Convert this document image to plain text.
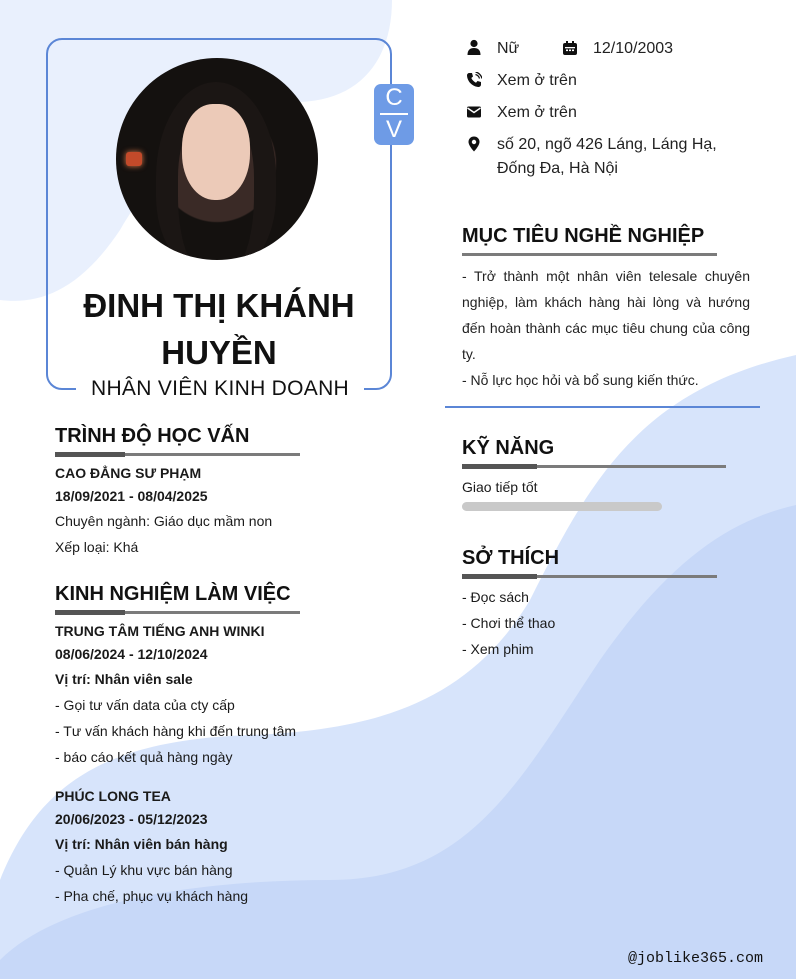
C
V
ĐINH THỊ KHÁNH HUYỀN
NHÂN VIÊN KINH DOANH
Nữ	12/10/2003
Xem ở trên
Xem ở trên
số 20, ngõ 426 Láng, Láng Hạ,
Đống Đa, Hà Nội
MỤC TIÊU NGHỀ NGHIỆP
- Trở thành một nhân viên telesale chuyên nghiệp, làm khách hàng hài lòng và hướng đến hoàn thành các mục tiêu chung của công ty.
- Nỗ lực học hỏi và bổ sung kiến thức.
TRÌNH ĐỘ HỌC VẤN
CAO ĐẲNG SƯ PHẠM
18/09/2021 - 08/04/2025
Chuyên ngành: Giáo dục mầm non
Xếp loại: Khá
KINH NGHIỆM LÀM VIỆC
TRUNG TÂM TIẾNG ANH WINKI
08/06/2024 - 12/10/2024
Vị trí: Nhân viên sale
- Gọi tư vấn data của cty cấp
- Tư vấn khách hàng khi đến trung tâm
- báo cáo kết quả hàng ngày
PHÚC LONG TEA
20/06/2023 - 05/12/2023
Vị trí: Nhân viên bán hàng
- Quản Lý khu vực bán hàng
- Pha chế, phục vụ khách hàng
KỸ NĂNG
Giao tiếp tốt
SỞ THÍCH
- Đọc sách
- Chơi thể thao
- Xem phim
@joblike365.com
